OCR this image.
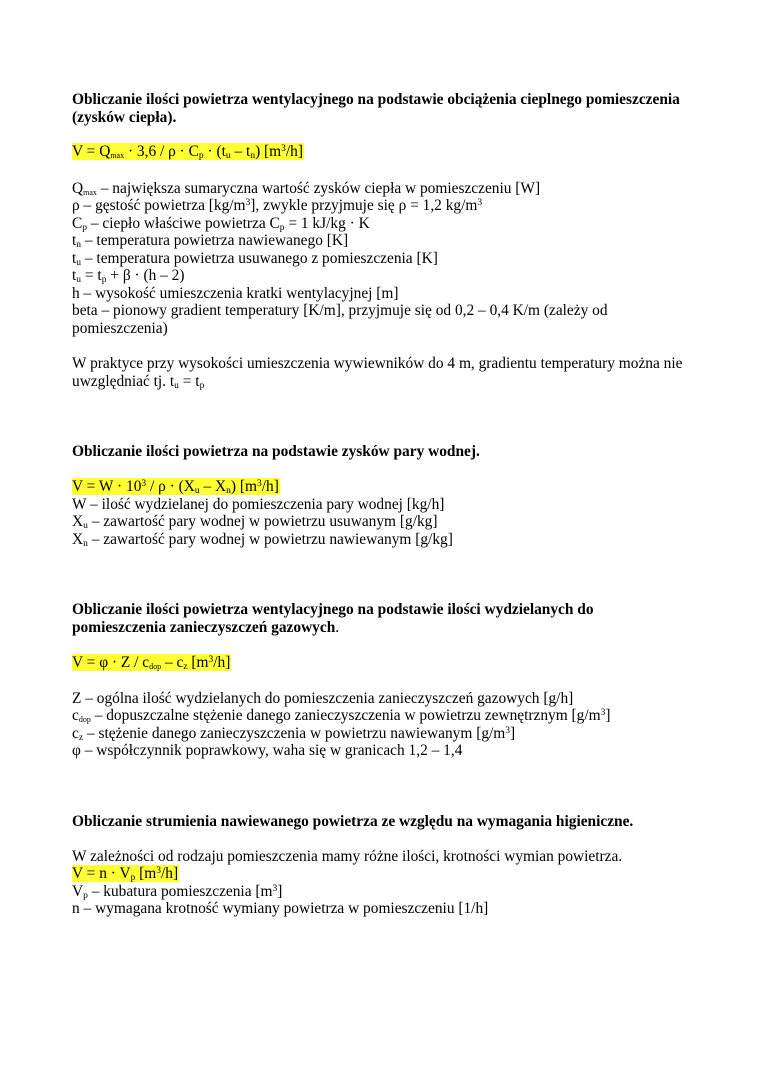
Obliczanie ilości powietrza wentylacyjnego na podstawie obciążenia cieplnego pomieszczenia

(zysków ciepła).

$V = Q_{max} \cdot 3,6 / \rho \cdot C_p \cdot (t_u - t_n)$ $[m^3/h]$

$Q_{max}$ – największa sumaryczna wartość zysków ciepła w pomieszczeniu [W]

ρ – gęstość powietrza $[kg/m^3]$, zwykle przyjmuje się ρ = 1,2 $kg/m^3$

$C_p$ – ciepło właściwe powietrza $C_p = 1$ kJ/kg · K

$t_n$ – temperatura powietrza nawiewanego [K]

$t_u$ – temperatura powietrza usuwanego z pomieszczenia [K]

$t_u = t_p + \beta \cdot (h - 2)$

h – wysokość umieszczenia kratki wentylacyjnej [m]

beta – pionowy gradient temperatury [K/m], przyjmuje się od 0,2 – 0,4 K/m (zależy od

pomieszczenia)

W praktyce przy wysokości umieszczenia wywiewników do 4 m, gradientu temperatury można nie

uwzględniać tj. $t_u = t_p$

Obliczanie ilości powietrza na podstawie zysków pary wodnej.

$V = W \cdot 10^3 / \rho \cdot (X_u - X_n)$ $[m^3/h]$

W – ilość wydzielanej do pomieszczenia pary wodnej [kg/h]

$X_u$ – zawartość pary wodnej w powietrzu usuwanym [g/kg]

$X_n$ – zawartość pary wodnej w powietrzu nawiewanym [g/kg]

Obliczanie ilości powietrza wentylacyjnego na podstawie ilości wydzielanych do

pomieszczenia zanieczyszczeń gazowych.

$V = \varphi \cdot Z / c_{dop} - c_z$ $[m^3/h]$

Z – ogólna ilość wydzielanych do pomieszczenia zanieczyszczeń gazowych [g/h]

$c_{dop}$ – dopuszczalne stężenie danego zanieczyszczenia w powietrzu zewnętrznym $[g/m^3]$

$c_z$ – stężenie danego zanieczyszczenia w powietrzu nawiewanym $[g/m^3]$

φ – współczynnik poprawkowy, waha się w granicach 1,2 – 1,4

Obliczanie strumienia nawiewanego powietrza ze względu na wymagania higieniczne.

W zależności od rodzaju pomieszczenia mamy różne ilości, krotności wymian powietrza.

$V = n \cdot V_p$ $[m^3/h]$

$V_p$ – kubatura pomieszczenia $[m^3]$

n – wymagana krotność wymiany powietrza w pomieszczeniu [1/h]
